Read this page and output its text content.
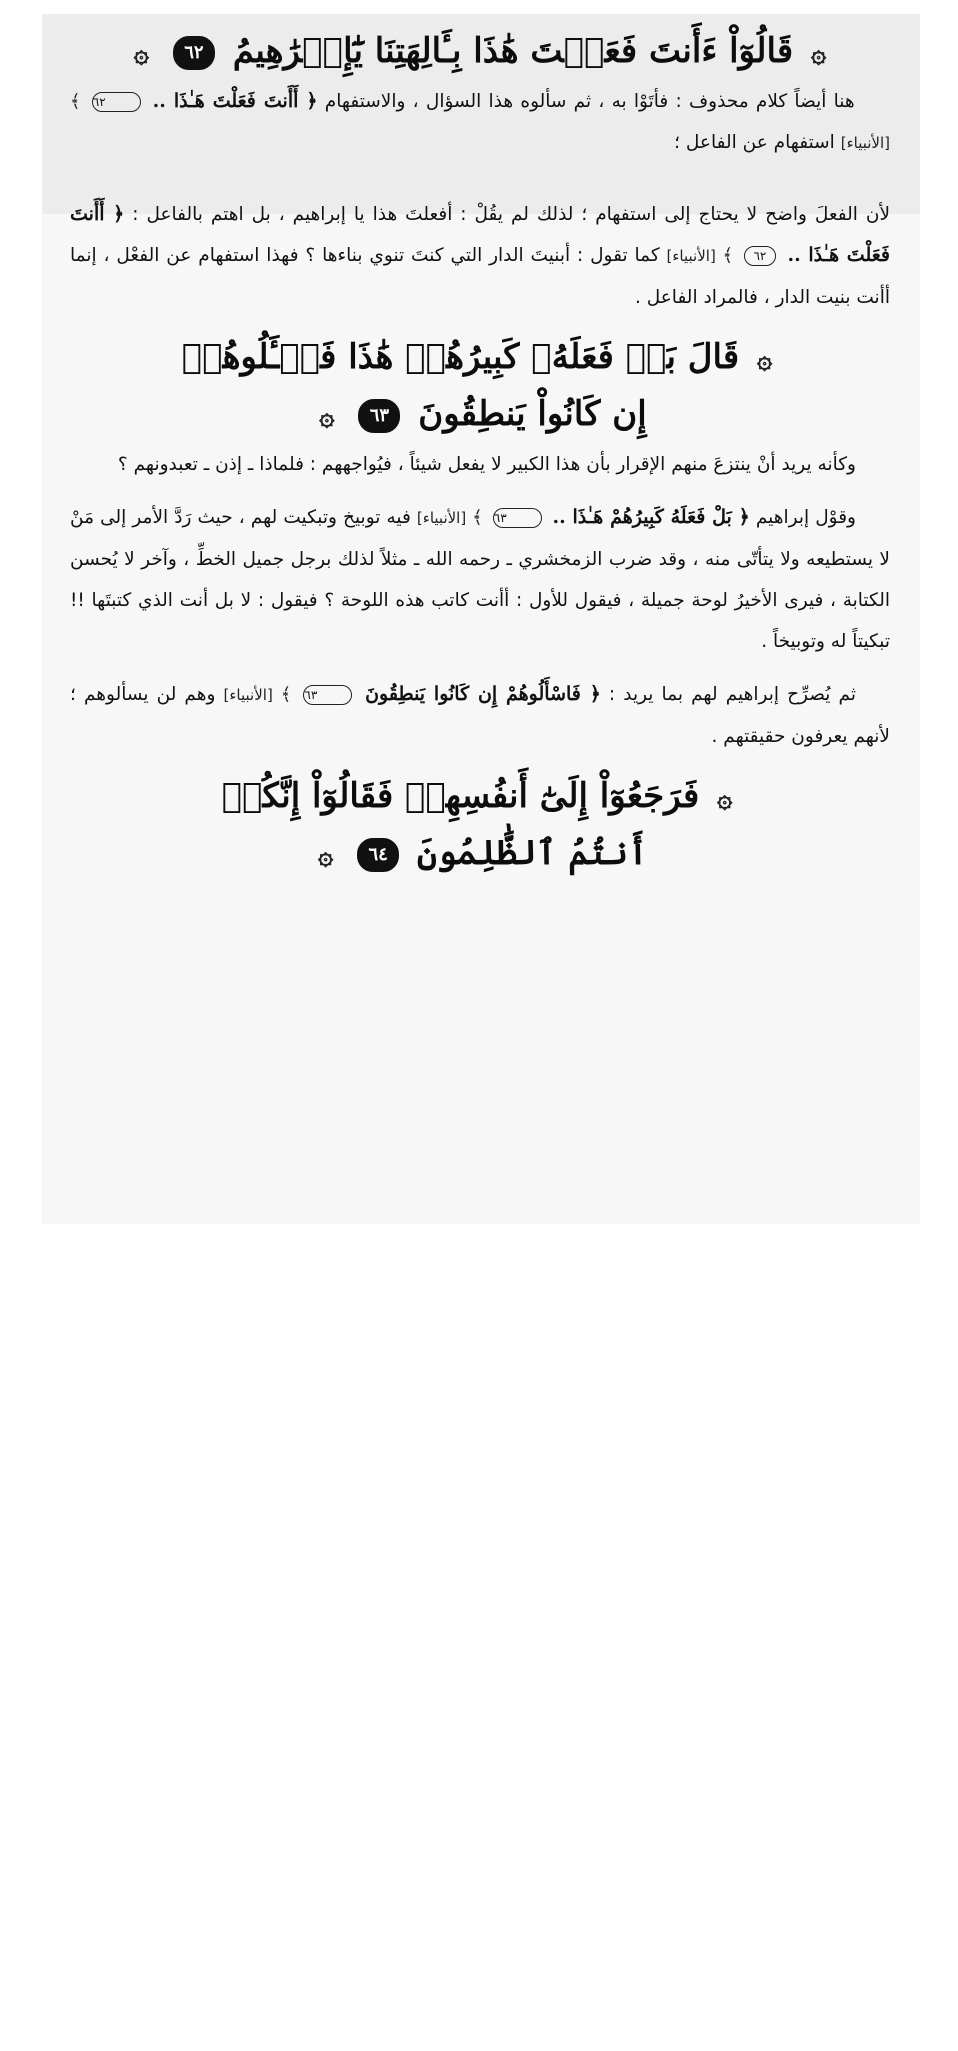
۞ قَالُوٓاْ ءَأَنتَ فَعَلۡتَ هَٰذَا بِـَٔالِهَتِنَا يَٰٓإِبۡرَٰهِيمُ ٦٢ ۞

هنا أيضاً كلام محذوف : فأتَوْا به ، ثم سألوه هذا السؤال ، والاستفهام ﴿ أَأَنتَ فَعَلْتَ هَـٰذَا .. ٦٢ ﴾ [الأنبياء] استفهام عن الفاعل ؛

لأن الفعلَ واضح لا يحتاج إلى استفهام ؛ لذلك لم يقُلْ : أفعلتَ هذا يا إبراهيم ، بل اهتم بالفاعل : ﴿ أَأَنتَ فَعَلْتَ هَـٰذَا .. ٦٢ ﴾ [الأنبياء] كما تقول : أبنيتَ الدار التي كنتَ تنوي بناءها ؟ فهذا استفهام عن الفعْل ، إنما أأنت بنيت الدار ، فالمراد الفاعل .

۞ قَالَ بَلۡ فَعَلَهُۥ كَبِيرُهُمۡ هَٰذَا فَسۡـَٔلُوهُمۡ
إِن كَانُواْ يَنطِقُونَ ٦٣ ۞

وكأنه يريد أنْ ينتزعَ منهم الإقرار بأن هذا الكبير لا يفعل شيئاً ، فيُواجههم : فلماذا ـ إذن ـ تعبدونهم ؟

وقوْل إبراهيم ﴿ بَلْ فَعَلَهُ كَبِيرُهُمْ هَـٰذَا .. ٦٣ ﴾ [الأنبياء] فيه توبيخ وتبكيت لهم ، حيث رَدَّ الأمر إلى مَنْ لا يستطيعه ولا يتأتّى منه ، وقد ضرب الزمخشري ـ رحمه الله ـ مثلاً لذلك برجل جميل الخطِّ ، وآخر لا يُحسن الكتابة ، فيرى الأخيرُ لوحة جميلة ، فيقول للأول : أأنت كاتب هذه اللوحة ؟ فيقول : لا بل أنت الذي كتبتَها !! تبكيتاً له وتوبيخاً .

ثم يُصرِّح إبراهيم لهم بما يريد : ﴿ فَاسْأَلُوهُمْ إِن كَانُوا يَنطِقُونَ ٦٣ ﴾ [الأنبياء] وهم لن يسألوهم ؛ لأنهم يعرفون حقيقتهم .

۞ فَرَجَعُوٓاْ إِلَىٰٓ أَنفُسِهِمۡ فَقَالُوٓاْ إِنَّكُمۡ
أَنتُمُ ٱلظَّٰلِمُونَ ٦٤ ۞
